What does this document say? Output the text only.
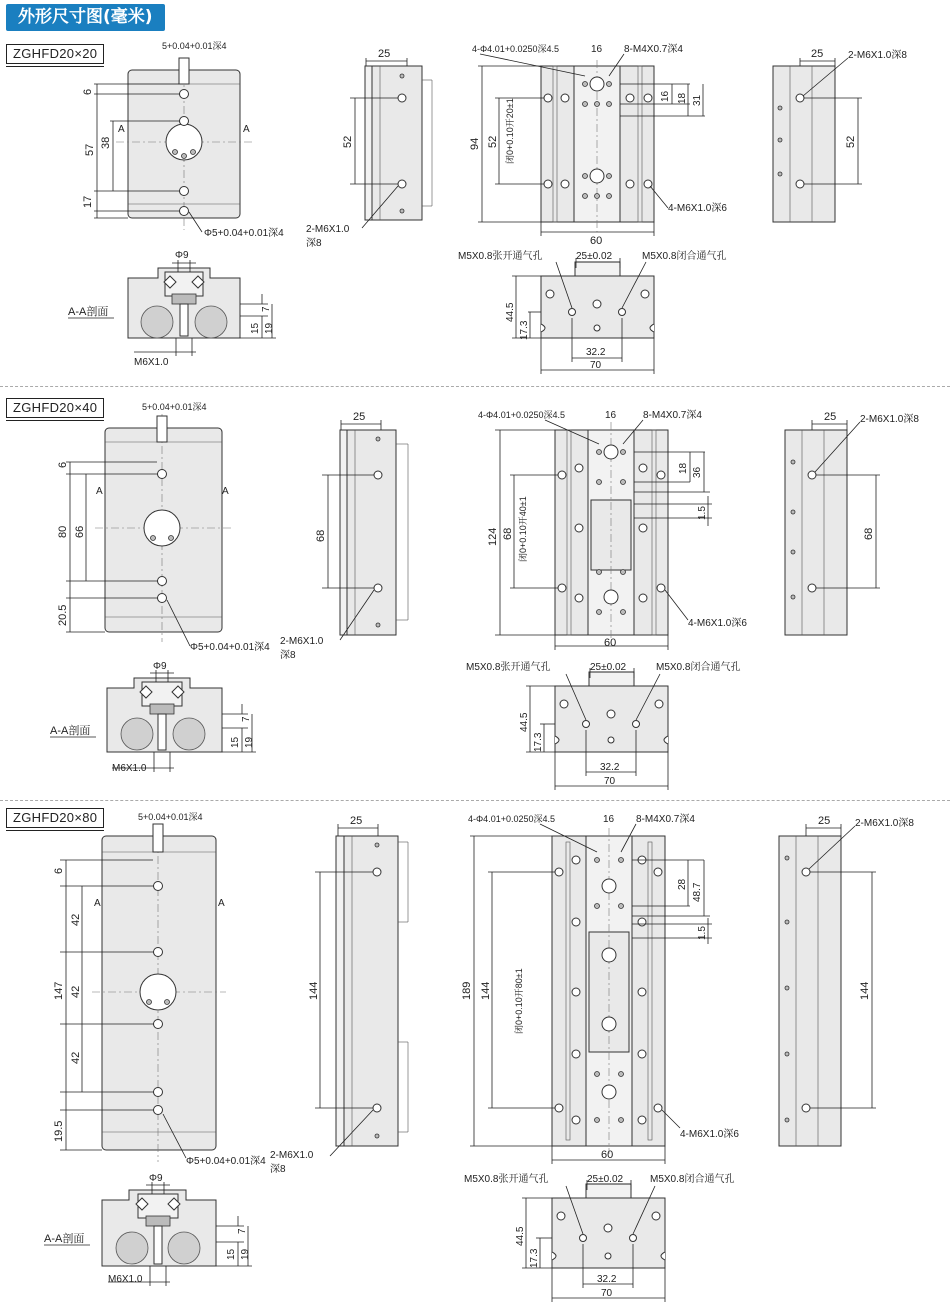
外形尺寸图(毫米)
ZGHFD20×20
6
57
38
17
5+0.04+0.01深4
A	A
Φ5+0.04+0.01深4
25
52
2-M6X1.0
深8
94 52 闭0+0.10开20±1
60
4-Φ4.01+0.0250深4.5	16 8-M4X0.7深4
16 18 31
4-M6X1.0深6
25 2-M6X1.0深8
52
Φ9
A-A剖面
M6X1.0
7
15 19
25±0.02
M5X0.8张开通气孔	M5X0.8闭合通气孔
44.5
17.3
32.2
70
ZGHFD20×40
6
80 66
20.5
5+0.04+0.01深4
A	A
Φ5+0.04+0.01深4
25
68
2-M6X1.0
深8
124 68 闭0+0.10开40±1
60
4-Φ4.01+0.0250深4.5	16	8-M4X0.7深4
18 36
1.5
4-M6X1.0深6
25 2-M6X1.0深8
68
Φ9
A-A剖面
M6X1.0
7
15 19
25±0.02
M5X0.8张开通气孔	M5X0.8闭合通气孔
44.5
17.3
32.2
70
ZGHFD20×80
6
147
42
42
42
19.5
5+0.04+0.01深4
A	A
Φ5+0.04+0.01深4
25
144
2-M6X1.0
深8
189 144 闭0+0.10开80±1
60
4-Φ4.01+0.0250深4.5	16 8-M4X0.7深4
28 48.7
1.5
4-M6X1.0深6
25 2-M6X1.0深8
144
Φ9
A-A剖面
M6X1.0
7
15 19
25±0.02
M5X0.8张开通气孔	M5X0.8闭合通气孔
44.5
17.3
32.2
70
